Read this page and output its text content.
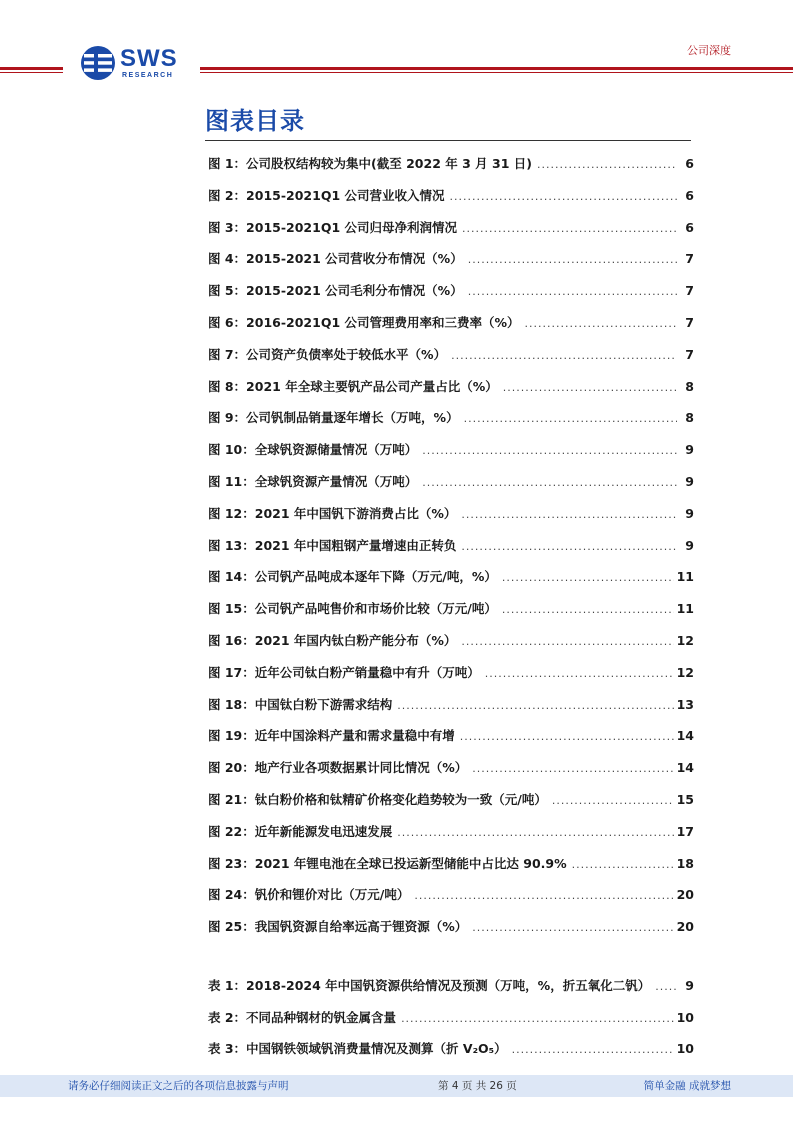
SWS
RESEARCH
公司深度
图表目录
图 1：公司股权结构较为集中(截至 2022 年 3 月 31 日) .....	6
图 2：2015-2021Q1 公司营业收入情况 .....	6
图 3：2015-2021Q1 公司归母净利润情况 .....	6
图 4：2015-2021 公司营收分布情况（%） .....	7
图 5：2015-2021 公司毛利分布情况（%） .....	7
图 6：2016-2021Q1 公司管理费用率和三费率（%） .....	7
图 7：公司资产负债率处于较低水平（%） .....	7
图 8：2021 年全球主要钒产品公司产量占比（%） .....	8
图 9：公司钒制品销量逐年增长（万吨，%） .....	8
图 10：全球钒资源储量情况（万吨） .....	9
图 11：全球钒资源产量情况（万吨） .....	9
图 12：2021 年中国钒下游消费占比（%） .....	9
图 13：2021 年中国粗钢产量增速由正转负 .....	9
图 14：公司钒产品吨成本逐年下降（万元/吨，%） .....	11
图 15：公司钒产品吨售价和市场价比较（万元/吨） .....	11
图 16：2021 年国内钛白粉产能分布（%） .....	12
图 17：近年公司钛白粉产销量稳中有升（万吨） .....	12
图 18：中国钛白粉下游需求结构 .....	13
图 19：近年中国涂料产量和需求量稳中有增 .....	14
图 20：地产行业各项数据累计同比情况（%） .....	14
图 21：钛白粉价格和钛精矿价格变化趋势较为一致（元/吨） .....	15
图 22：近年新能源发电迅速发展 .....	17
图 23：2021 年锂电池在全球已投运新型储能中占比达 90.9% .....	18
图 24：钒价和锂价对比（万元/吨） .....	20
图 25：我国钒资源自给率远高于锂资源（%） .....	20
表 1：2018-2024 年中国钒资源供给情况及预测（万吨，%，折五氧化二钒） .....	9
表 2：不同品种钢材的钒金属含量 .....	10
表 3：中国钢铁领域钒消费量情况及测算（折 V₂O₅） .....	10
请务必仔细阅读正文之后的各项信息披露与声明	第 4 页 共 26 页	简单金融 成就梦想
